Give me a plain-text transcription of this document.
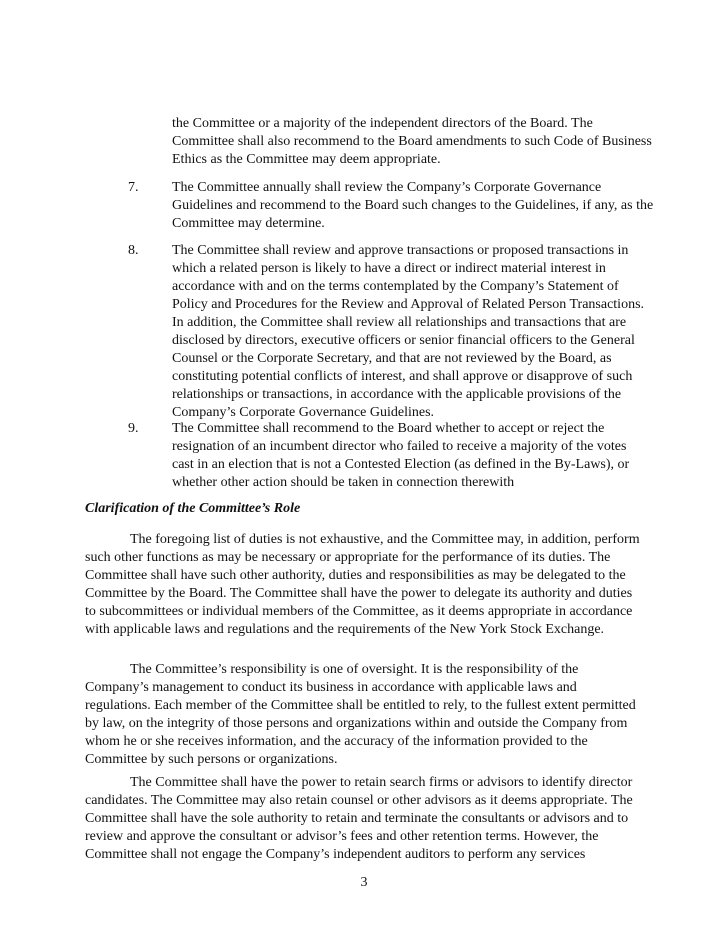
the Committee or a majority of the independent directors of the Board. The Committee shall also recommend to the Board amendments to such Code of Business Ethics as the Committee may deem appropriate.

7.	The Committee annually shall review the Company’s Corporate Governance Guidelines and recommend to the Board such changes to the Guidelines, if any, as the Committee may determine.

8.	The Committee shall review and approve transactions or proposed transactions in which a related person is likely to have a direct or indirect material interest in accordance with and on the terms contemplated by the Company’s Statement of Policy and Procedures for the Review and Approval of Related Person Transactions. In addition, the Committee shall review all relationships and transactions that are disclosed by directors, executive officers or senior financial officers to the General Counsel or the Corporate Secretary, and that are not reviewed by the Board, as constituting potential conflicts of interest, and shall approve or disapprove of such relationships or transactions, in accordance with the applicable provisions of the Company’s Corporate Governance Guidelines.

9.	The Committee shall recommend to the Board whether to accept or reject the resignation of an incumbent director who failed to receive a majority of the votes cast in an election that is not a Contested Election (as defined in the By-Laws), or whether other action should be taken in connection therewith

Clarification of the Committee’s Role
The foregoing list of duties is not exhaustive, and the Committee may, in addition, perform such other functions as may be necessary or appropriate for the performance of its duties. The Committee shall have such other authority, duties and responsibilities as may be delegated to the Committee by the Board. The Committee shall have the power to delegate its authority and duties to subcommittees or individual members of the Committee, as it deems appropriate in accordance with applicable laws and regulations and the requirements of the New York Stock Exchange.
The Committee’s responsibility is one of oversight. It is the responsibility of the Company’s management to conduct its business in accordance with applicable laws and regulations. Each member of the Committee shall be entitled to rely, to the fullest extent permitted by law, on the integrity of those persons and organizations within and outside the Company from whom he or she receives information, and the accuracy of the information provided to the Committee by such persons or organizations.
The Committee shall have the power to retain search firms or advisors to identify director candidates. The Committee may also retain counsel or other advisors as it deems appropriate. The Committee shall have the sole authority to retain and terminate the consultants or advisors and to review and approve the consultant or advisor’s fees and other retention terms. However, the Committee shall not engage the Company’s independent auditors to perform any services
3
